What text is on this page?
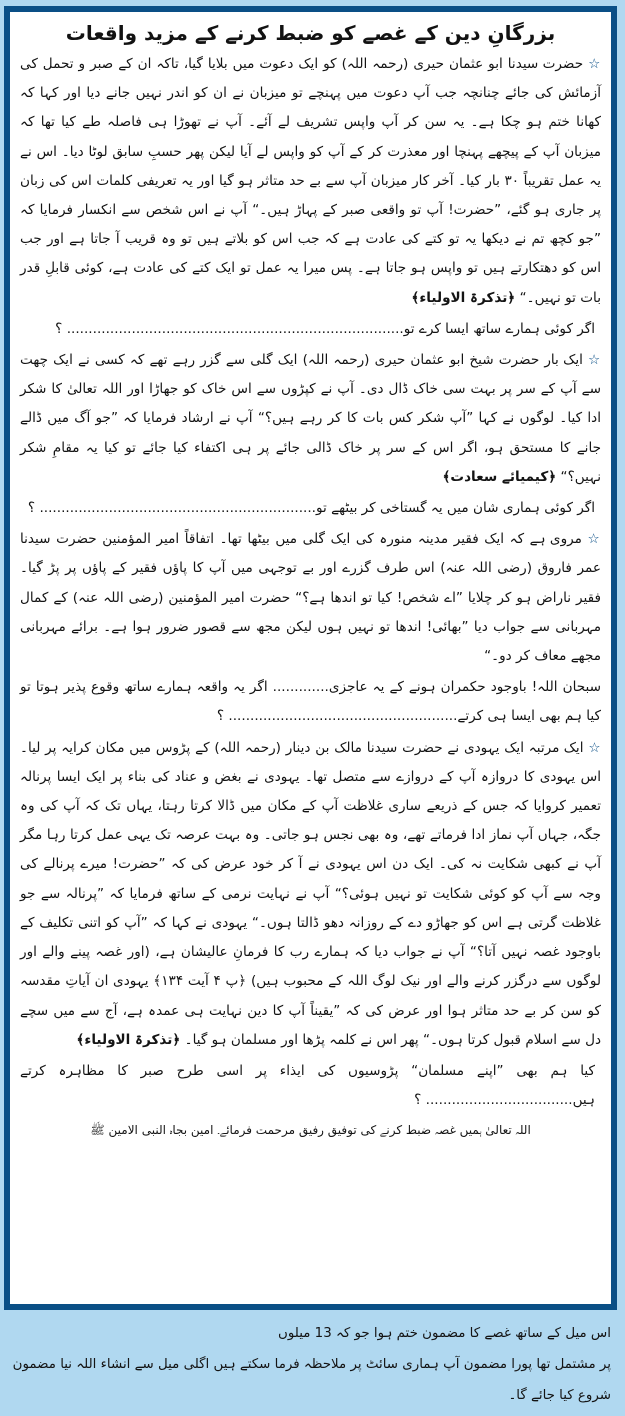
بزرگانِ دین کے غصے کو ضبط کرنے کے مزید واقعات

☆ حضرت سیدنا ابو عثمان حیری (رحمہ اللہ) کو ایک دعوت میں بلایا گیا، تاکہ ان کے صبر و تحمل کی آزمائش کی جائے چنانچہ جب آپ دعوت میں پہنچے تو میزبان نے ان کو اندر نہیں جانے دیا اور کہا کہ کھانا ختم ہو چکا ہے۔ یہ سن کر آپ واپس تشریف لے آئے۔ آپ نے تھوڑا ہی فاصلہ طے کیا تھا کہ میزبان آپ کے پیچھے پہنچا اور معذرت کر کے آپ کو واپس لے آیا لیکن پھر حسبِ سابق لوٹا دیا۔ اس نے یہ عمل تقریباً ۳۰ بار کیا۔ آخر کار میزبان آپ سے بے حد متاثر ہو گیا اور یہ تعریفی کلمات اس کی زبان پر جاری ہو گئے، ”حضرت! آپ تو واقعی صبر کے پہاڑ ہیں۔“ آپ نے اس شخص سے انکسار فرمایا کہ ”جو کچھ تم نے دیکھا یہ تو کتے کی عادت ہے کہ جب اس کو بلاتے ہیں تو وہ قریب آ جاتا ہے اور جب اس کو دھتکارتے ہیں تو واپس ہو جاتا ہے۔ پس میرا یہ عمل تو ایک کتے کی عادت ہے، کوئی قابلِ قدر بات تو نہیں۔“ ﴿تذکرۃ الاولیاء﴾

اگر کوئی ہمارے ساتھ ایسا کرے تو.............................................................................. ؟

☆ ایک بار حضرت شیخ ابو عثمان حیری (رحمہ اللہ) ایک گلی سے گزر رہے تھے کہ کسی نے ایک چھت سے آپ کے سر پر بہت سی خاک ڈال دی۔ آپ نے کپڑوں سے اس خاک کو جھاڑا اور اللہ تعالیٰ کا شکر ادا کیا۔ لوگوں نے کہا ”آپ شکر کس بات کا کر رہے ہیں؟“ آپ نے ارشاد فرمایا کہ ”جو آگ میں ڈالے جانے کا مستحق ہو، اگر اس کے سر پر خاک ڈالی جائے پر ہی اکتفاء کیا جائے تو کیا یہ مقامِ شکر نہیں؟“ ﴿کیمیائے سعادت﴾

اگر کوئی ہماری شان میں یہ گستاخی کر بیٹھے تو................................................................ ؟

☆ مروی ہے کہ ایک فقیر مدینہ منورہ کی ایک گلی میں بیٹھا تھا۔ اتفاقاً امیر المؤمنین حضرت سیدنا عمر فاروق (رضی اللہ عنہ) اس طرف گزرے اور بے توجہی میں آپ کا پاؤں فقیر کے پاؤں پر پڑ گیا۔ فقیر ناراض ہو کر چلایا ”اے شخص! کیا تو اندھا ہے؟“ حضرت امیر المؤمنین (رضی اللہ عنہ) کے کمال مہربانی سے جواب دیا ”بھائی! اندھا تو نہیں ہوں لیکن مجھ سے قصور ضرور ہوا ہے۔ برائے مہربانی مجھے معاف کر دو۔“

سبحان اللہ! باوجود حکمران ہونے کے یہ عاجزی............. اگر یہ واقعہ ہمارے ساتھ وقوع پذیر ہوتا تو کیا ہم بھی ایسا ہی کرتے..................................................... ؟

☆ ایک مرتبہ ایک یہودی نے حضرت سیدنا مالک بن دینار (رحمہ اللہ) کے پڑوس میں مکان کرایہ پر لیا۔ اس یہودی کا دروازہ آپ کے دروازے سے متصل تھا۔ یہودی نے بغض و عناد کی بناء پر ایک ایسا پرنالہ تعمیر کروایا کہ جس کے ذریعے ساری غلاظت آپ کے مکان میں ڈالا کرتا رہتا، یہاں تک کہ آپ کی وہ جگہ، جہاں آپ نماز ادا فرماتے تھے، وہ بھی نجس ہو جاتی۔ وہ بہت عرصہ تک یہی عمل کرتا رہا مگر آپ نے کبھی شکایت نہ کی۔ ایک دن اس یہودی نے آ کر خود عرض کی کہ ”حضرت! میرے پرنالے کی وجہ سے آپ کو کوئی شکایت تو نہیں ہوئی؟“ آپ نے نہایت نرمی کے ساتھ فرمایا کہ ”پرنالہ سے جو غلاظت گرتی ہے اس کو جھاڑو دے کے روزانہ دھو ڈالتا ہوں۔“ یہودی نے کہا کہ ”آپ کو اتنی تکلیف کے باوجود غصہ نہیں آتا؟“ آپ نے جواب دیا کہ ہمارے رب کا فرمانِ عالیشان ہے، (اور غصہ پینے والے اور لوگوں سے درگزر کرنے والے اور نیک لوگ اللہ کے محبوب ہیں) ﴿پ ۴ آیت ۱۳۴﴾ یہودی ان آیاتِ مقدسہ کو سن کر بے حد متاثر ہوا اور عرض کی کہ ”یقیناً آپ کا دین نہایت ہی عمدہ ہے، آج سے میں سچے دل سے اسلام قبول کرتا ہوں۔“ پھر اس نے کلمہ پڑھا اور مسلمان ہو گیا۔ ﴿تذکرۃ الاولیاء﴾

کیا ہم بھی ”اپنے مسلمان“ پڑوسیوں کی ایذاء پر اسی طرح صبر کا مظاہرہ کرتے ہیں.................................. ؟

اللہ تعالیٰ ہمیں غصہ ضبط کرنے کی توفیق رفیق مرحمت فرمائے۔ امین بجاہ النبی الامین ﷺ

اس میل کے ساتھ غصے کا مضمون ختم ہوا جو کہ 13 میلوں

پر مشتمل تھا پورا مضمون آپ ہماری سائٹ پر ملاحظہ فرما سکتے ہیں اگلی میل سے انشاء اللہ نیا مضمون شروع کیا جائے گا۔
